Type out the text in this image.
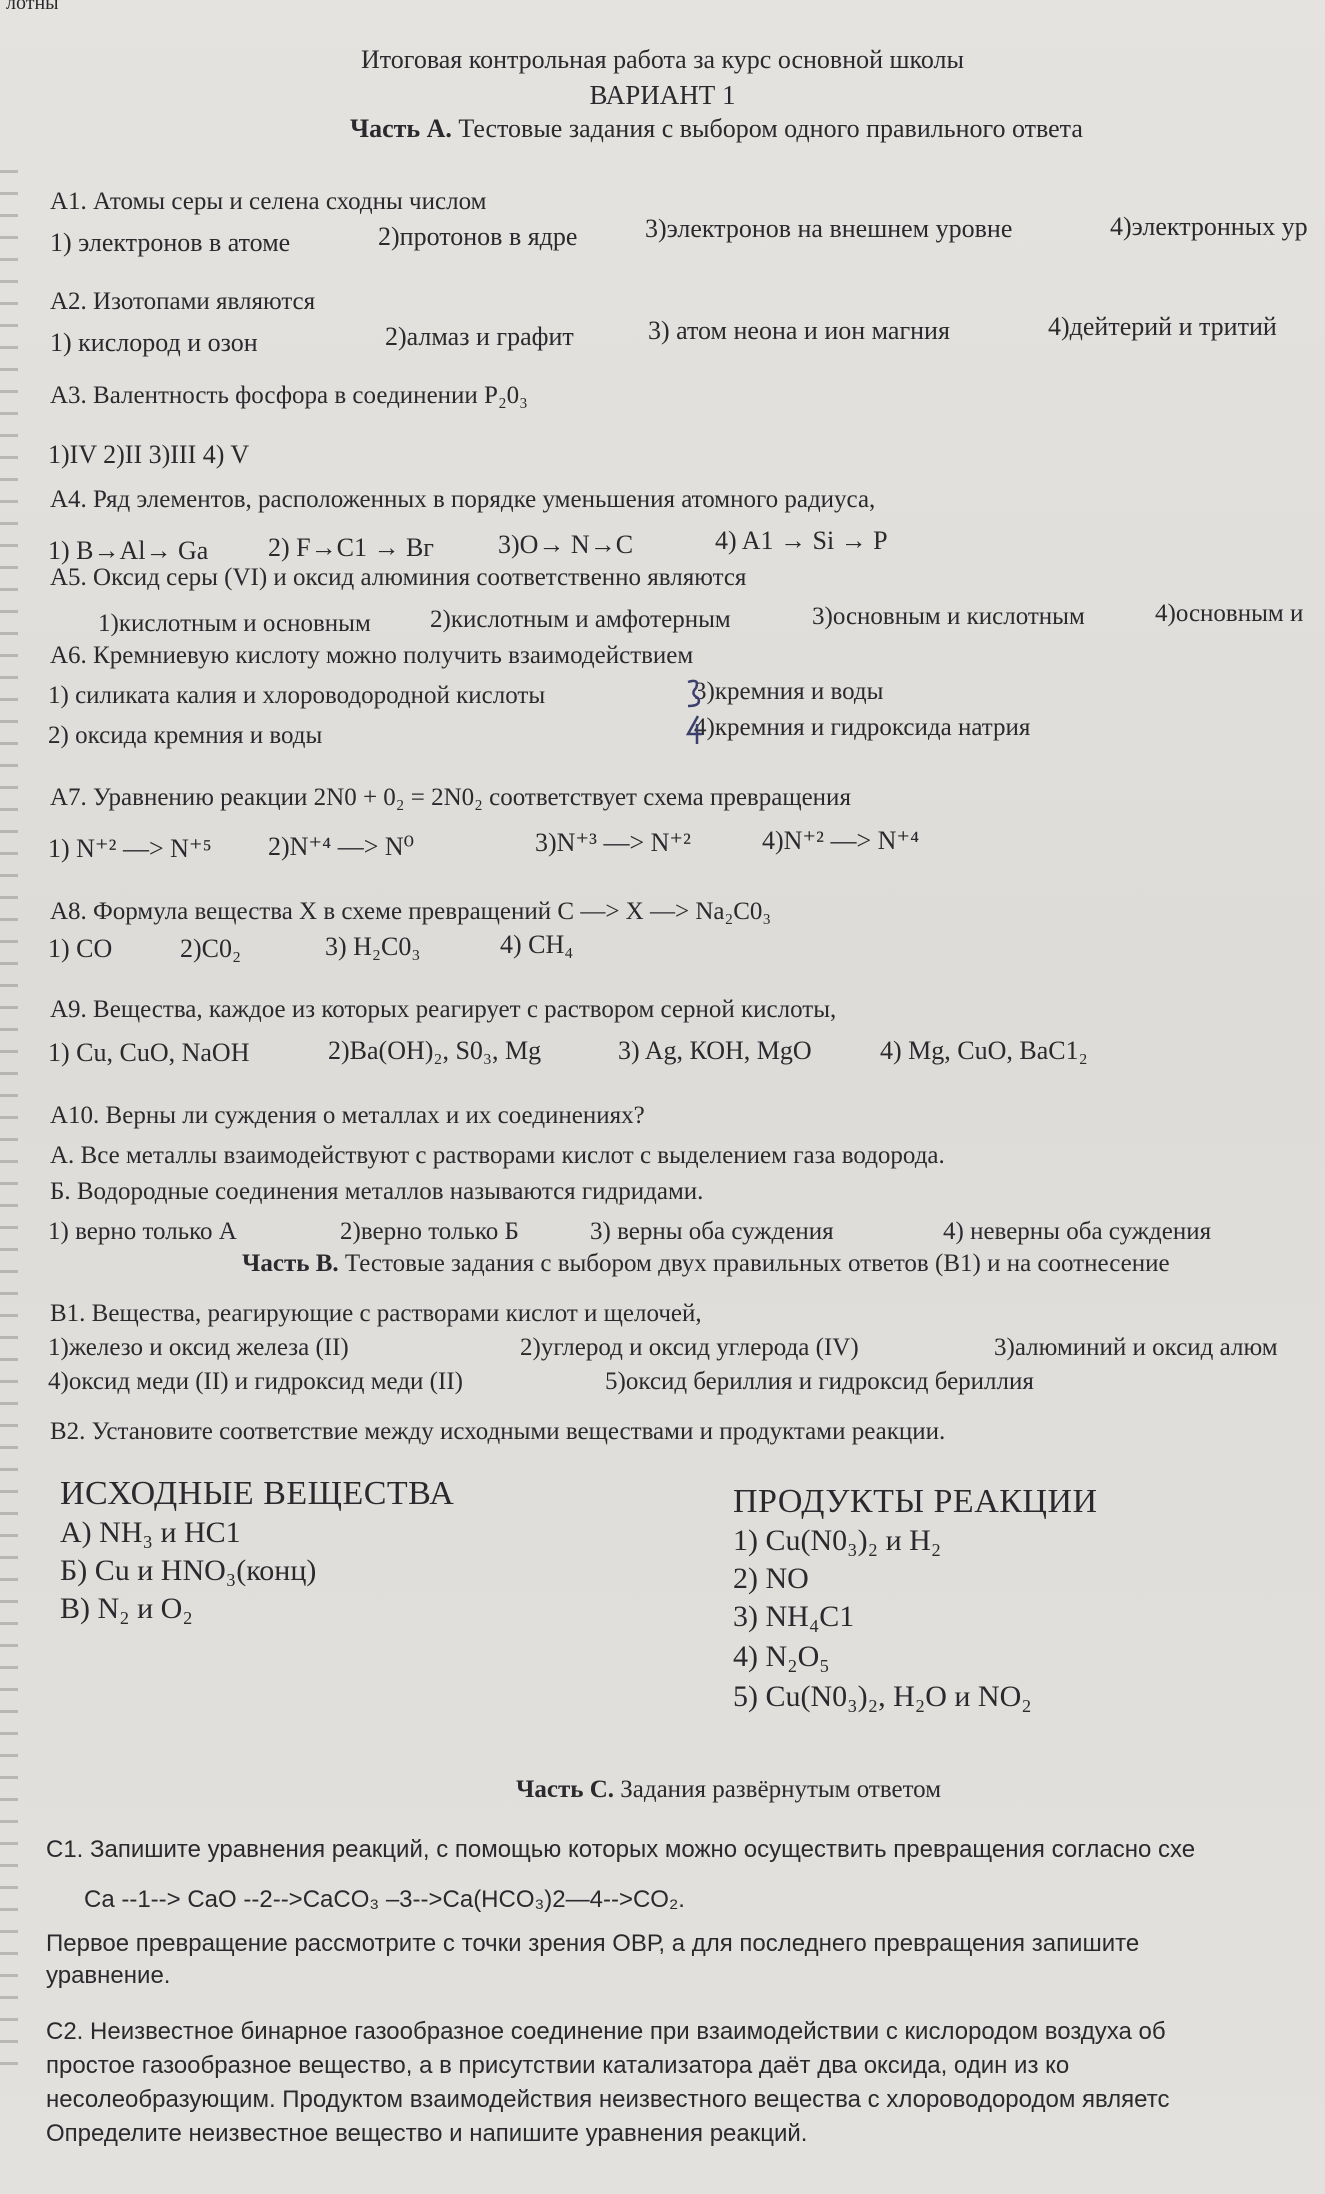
лотны
Итоговая контрольная работа за курс основной школы
ВАРИАНТ 1
Часть А. Тестовые задания с выбором одного правильного ответа
А1. Атомы серы и селена сходны числом
1) электронов в атоме	2)протонов в ядре	3)электронов на внешнем уровне	4)электронных ур
А2. Изотопами являются
1) кислород и озон	2)алмаз и графит	3) атом неона и ион магния	4)дейтерий и тритий
А3. Валентность фосфора в соединении Р₂0₃
1)IV 2)II 3)III 4) V
А4. Ряд элементов, расположенных в порядке уменьшения атомного радиуса,
1) В→Al→ Ga 2) F→C1 → Вг 3)O→ N→C	4) A1 → Si → P
А5. Оксид серы (VI) и оксид алюминия соответственно являются
1)кислотным и основным 2)кислотным и амфотерным	3)основным и кислотным	4)основным и
А6. Кремниевую кислоту можно получить взаимодействием
1) силиката калия и хлороводородной кислоты	3)кремния и воды
2) оксида кремния и воды	4)кремния и гидроксида натрия
А7. Уравнению реакции 2N0 + 0₂ = 2N0₂ соответствует схема превращения
1) N⁺² —> N⁺⁵ 2)N⁺⁴ —> N⁰	3)N⁺³ —> N⁺²	4)N⁺² —> N⁺⁴
А8. Формула вещества X в схеме превращений С —> X —> Na₂C0₃
1) CO	2)C0₂	3) H₂C0₃	4) CH₄
А9. Вещества, каждое из которых реагирует с раствором серной кислоты,
1) Cu, CuO, NaOH	2)Ba(OH)₂, S0₃, Mg	3) Ag, КОН, MgO	4) Mg, CuO, BaC1₂
А10. Верны ли суждения о металлах и их соединениях?
А. Все металлы взаимодействуют с растворами кислот с выделением газа водорода.
Б. Водородные соединения металлов называются гидридами.
1) верно только А	2)верно только Б	3) верны оба суждения	4) неверны оба суждения
Часть В. Тестовые задания с выбором двух правильных ответов (В1) и на соотнесение
В1. Вещества, реагирующие с растворами кислот и щелочей,
1)железо и оксид железа (II)	2)углерод и оксид углерода (IV)	3)алюминий и оксид алюм
4)оксид меди (II) и гидроксид меди (II)	5)оксид бериллия и гидроксид бериллия
В2. Установите соответствие между исходными веществами и продуктами реакции.
ИСХОДНЫЕ ВЕЩЕСТВА
А) NH₃ и НС1
Б) Cu и HNO₃(конц)
В) N₂ и O₂
ПРОДУКТЫ РЕАКЦИИ
1) Cu(N0₃)₂ и H₂
2) NO
3) NH₄C1
4) N₂O₅
5) Cu(N0₃)₂, H₂O и NO₂
Часть С. Задания развёрнутым ответом
С1. Запишите уравнения реакций, с помощью которых можно осуществить превращения согласно схе
Ca --1--> CaO --2-->CaCO₃ –3-->Ca(HCO₃)2—4-->CO₂.
Первое превращение рассмотрите с точки зрения ОВР, а для последнего превращения запишите
уравнение.
С2. Неизвестное бинарное газообразное соединение при взаимодействии с кислородом воздуха об
простое газообразное вещество, а в присутствии катализатора даёт два оксида, один из ко
несолеобразующим. Продуктом взаимодействия неизвестного вещества с хлороводородом являетс
Определите неизвестное вещество и напишите уравнения реакций.
